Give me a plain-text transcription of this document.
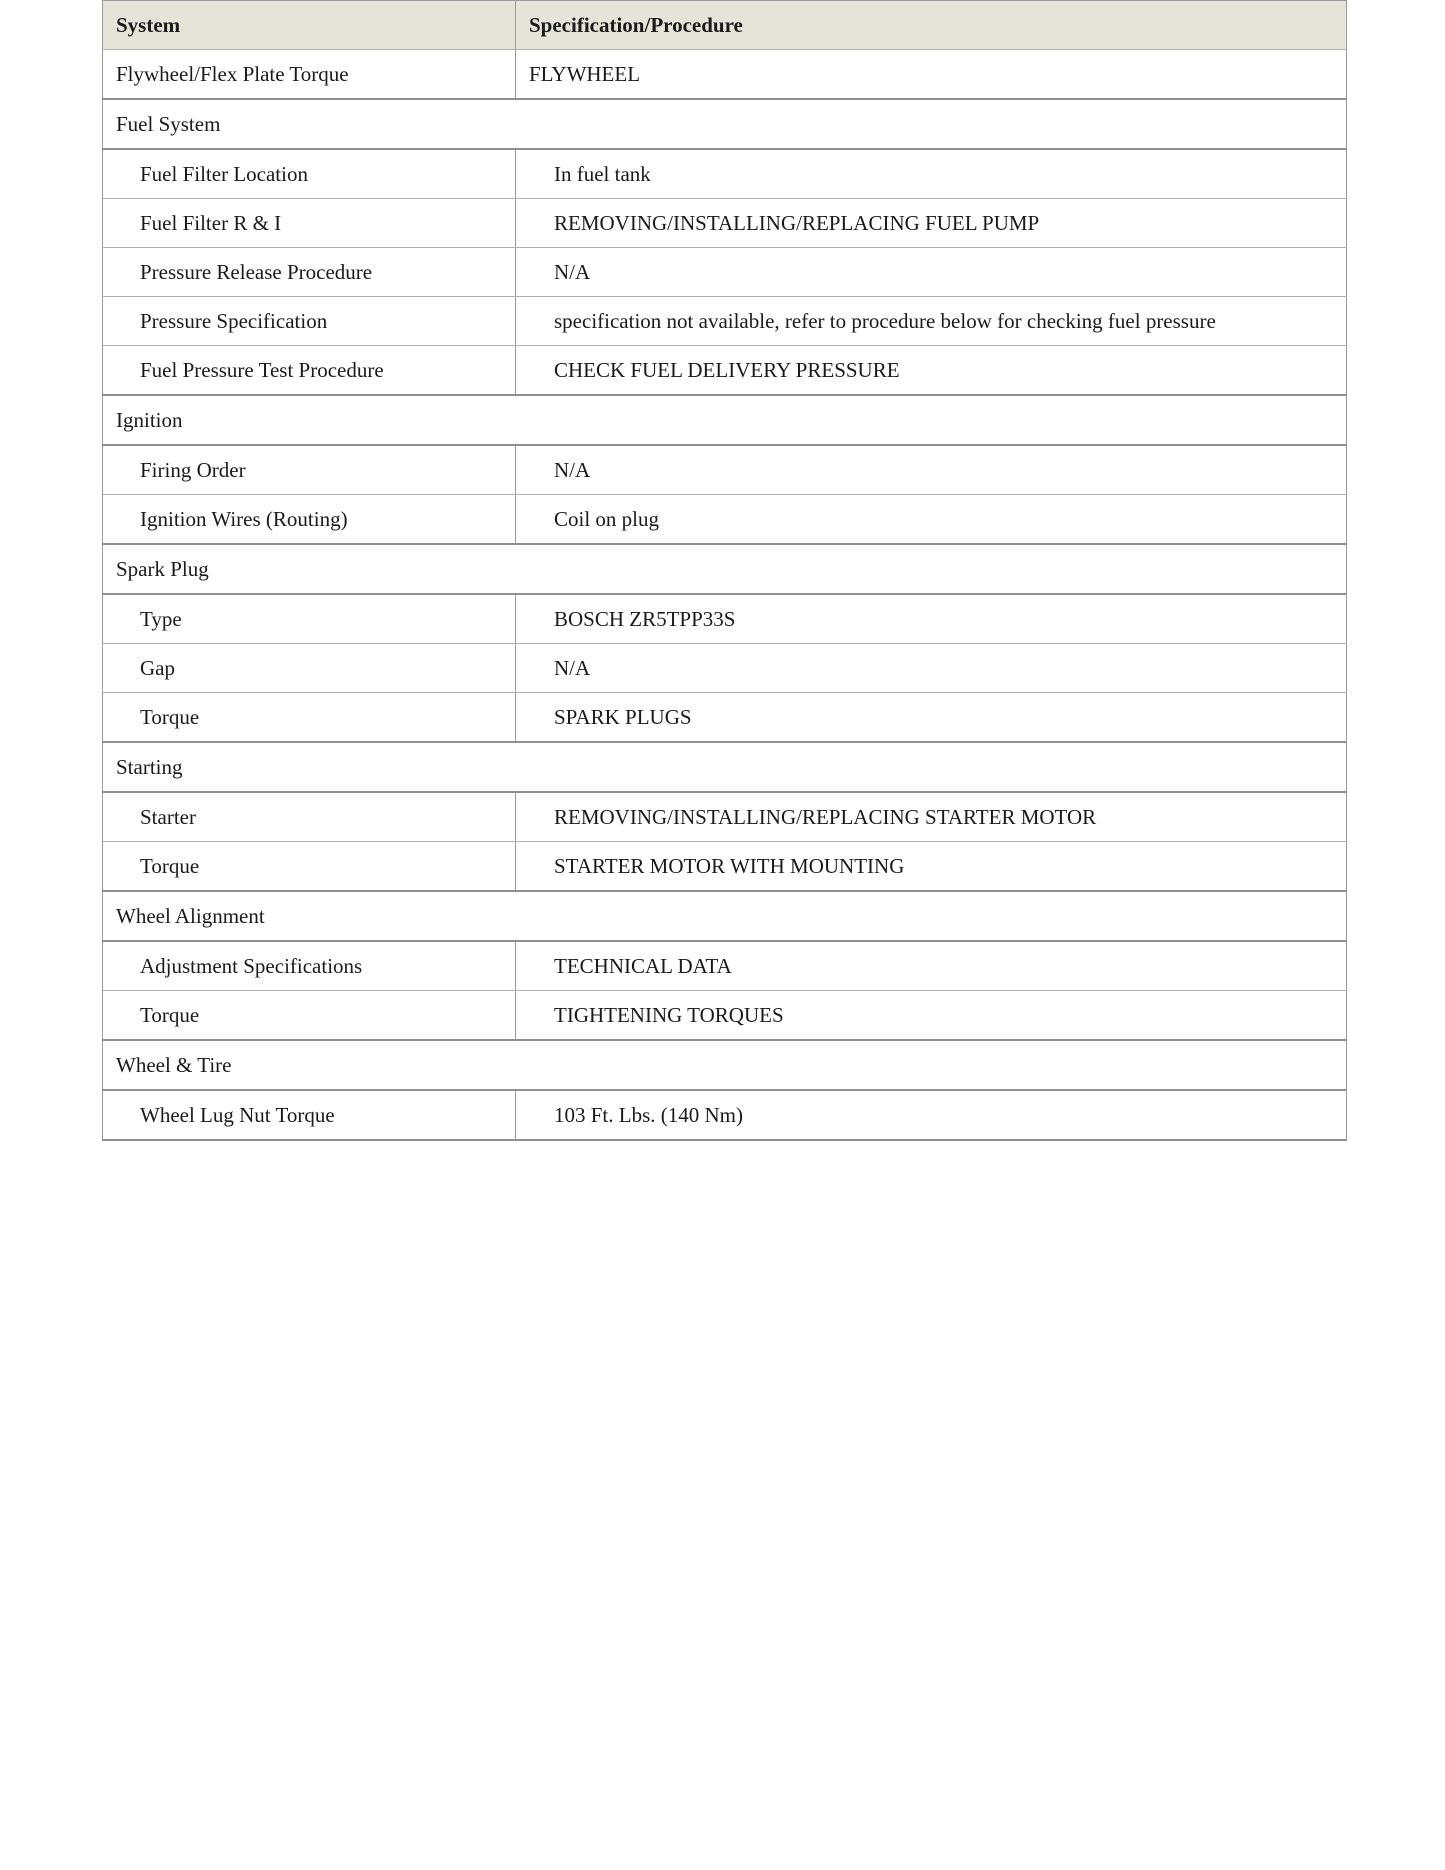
System	Specification/Procedure
Flywheel/Flex Plate Torque	FLYWHEEL
Fuel System	
Fuel Filter Location	In fuel tank
Fuel Filter R & I	REMOVING/INSTALLING/REPLACING FUEL PUMP
Pressure Release Procedure	N/A
Pressure Specification	specification not available, refer to procedure below for checking fuel pressure
Fuel Pressure Test Procedure	CHECK FUEL DELIVERY PRESSURE
Ignition	
Firing Order	N/A
Ignition Wires (Routing)	Coil on plug
Spark Plug	
Type	BOSCH ZR5TPP33S
Gap	N/A
Torque	SPARK PLUGS
Starting	
Starter	REMOVING/INSTALLING/REPLACING STARTER MOTOR
Torque	STARTER MOTOR WITH MOUNTING
Wheel Alignment	
Adjustment Specifications	TECHNICAL DATA
Torque	TIGHTENING TORQUES
Wheel & Tire	
Wheel Lug Nut Torque	103 Ft. Lbs. (140 Nm)
